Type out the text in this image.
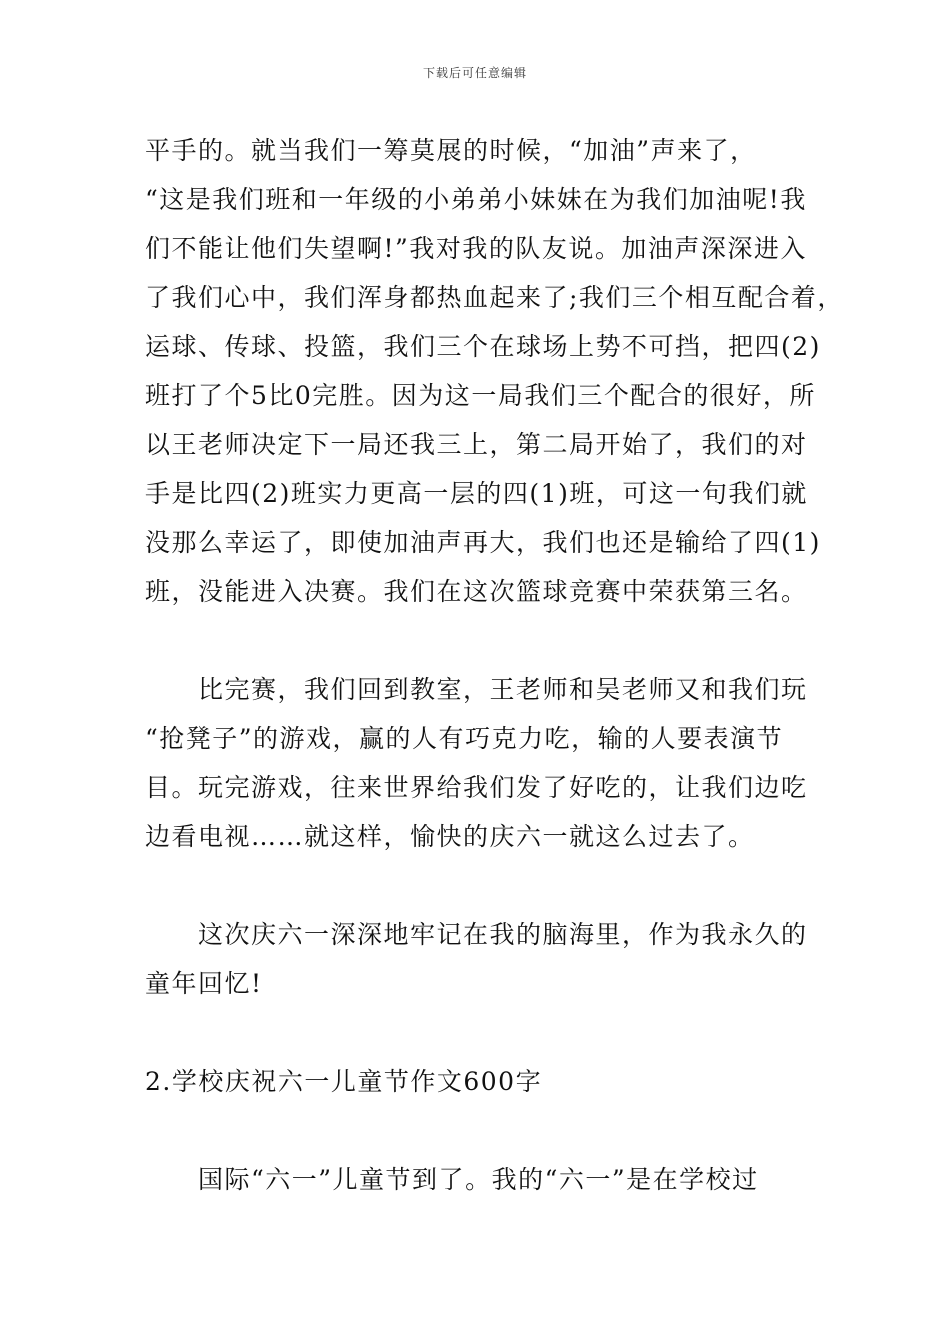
下载后可任意编辑

平手的。就当我们一筹莫展的时候，“加油”声来了，
“这是我们班和一年级的小弟弟小妹妹在为我们加油呢!我
们不能让他们失望啊!”我对我的队友说。加油声深深进入
了我们心中，我们浑身都热血起来了;我们三个相互配合着，
运球、传球、投篮，我们三个在球场上势不可挡，把四(2)
班打了个5比0完胜。因为这一局我们三个配合的很好，所
以王老师决定下一局还我三上，第二局开始了，我们的对
手是比四(2)班实力更高一层的四(1)班，可这一句我们就
没那么幸运了，即使加油声再大，我们也还是输给了四(1)
班，没能进入决赛。我们在这次篮球竞赛中荣获第三名。

　　比完赛，我们回到教室，王老师和吴老师又和我们玩
“抢凳子”的游戏，赢的人有巧克力吃，输的人要表演节
目。玩完游戏，往来世界给我们发了好吃的，让我们边吃
边看电视……就这样，愉快的庆六一就这么过去了。

　　这次庆六一深深地牢记在我的脑海里，作为我永久的
童年回忆!

2.学校庆祝六一儿童节作文600字

　　国际“六一”儿童节到了。我的“六一”是在学校过
